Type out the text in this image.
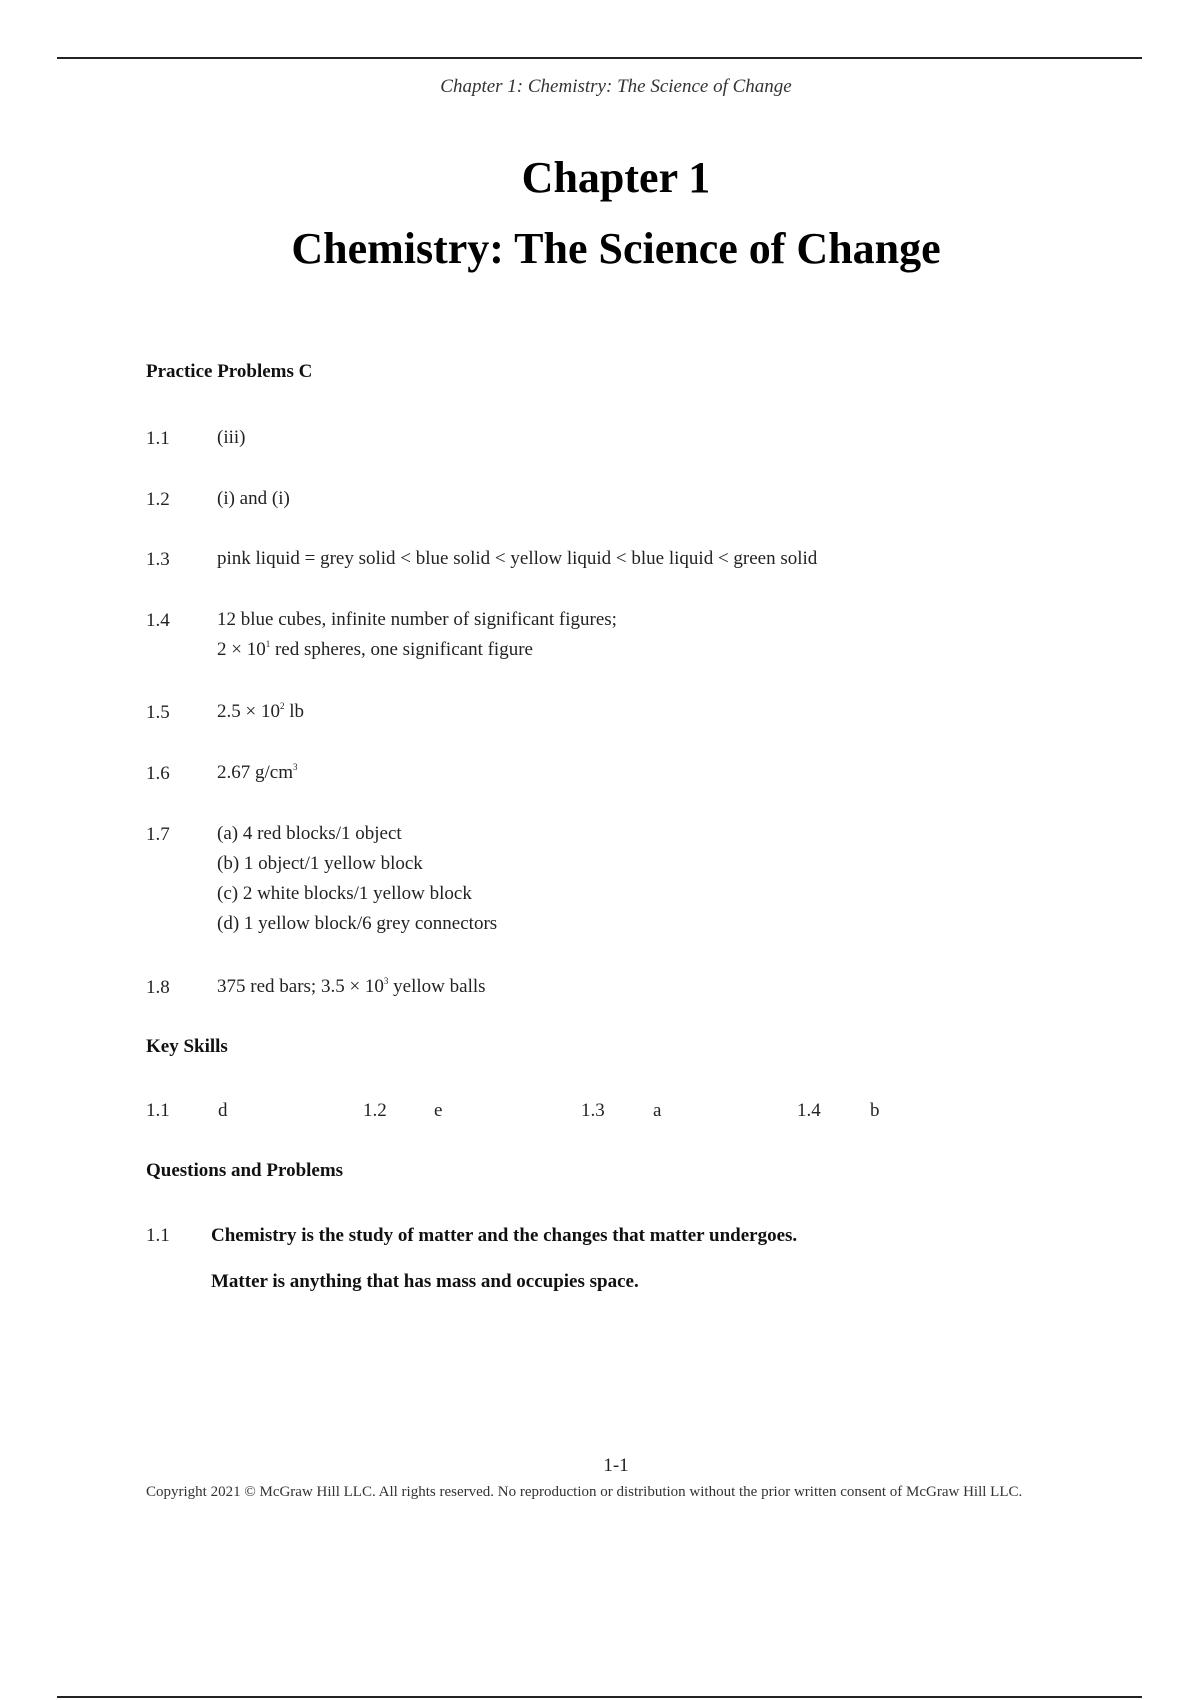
Chapter 1: Chemistry: The Science of Change
Chapter 1
Chemistry: The Science of Change
Practice Problems C
1.1 (iii)
1.2 (i) and (i)
1.3 pink liquid = grey solid < blue solid < yellow liquid < blue liquid < green solid
1.4 12 blue cubes, infinite number of significant figures;
$2 \times 10^1$ red spheres, one significant figure
1.5 $2.5 \times 10^2$ lb
1.6 2.67 $g/cm^3$
1.7 (a) 4 red blocks/1 object
(b) 1 object/1 yellow block
(c) 2 white blocks/1 yellow block
(d) 1 yellow block/6 grey connectors
1.8 375 red bars; $3.5 \times 10^3$ yellow balls
Key Skills
1.1	d	1.2 e	1.3	a	1.4	b
Questions and Problems
1.1 Chemistry is the study of matter and the changes that matter undergoes.
Matter is anything that has mass and occupies space.
1-1
Copyright 2021 © McGraw Hill LLC. All rights reserved. No reproduction or distribution without the prior written consent of McGraw Hill LLC.
